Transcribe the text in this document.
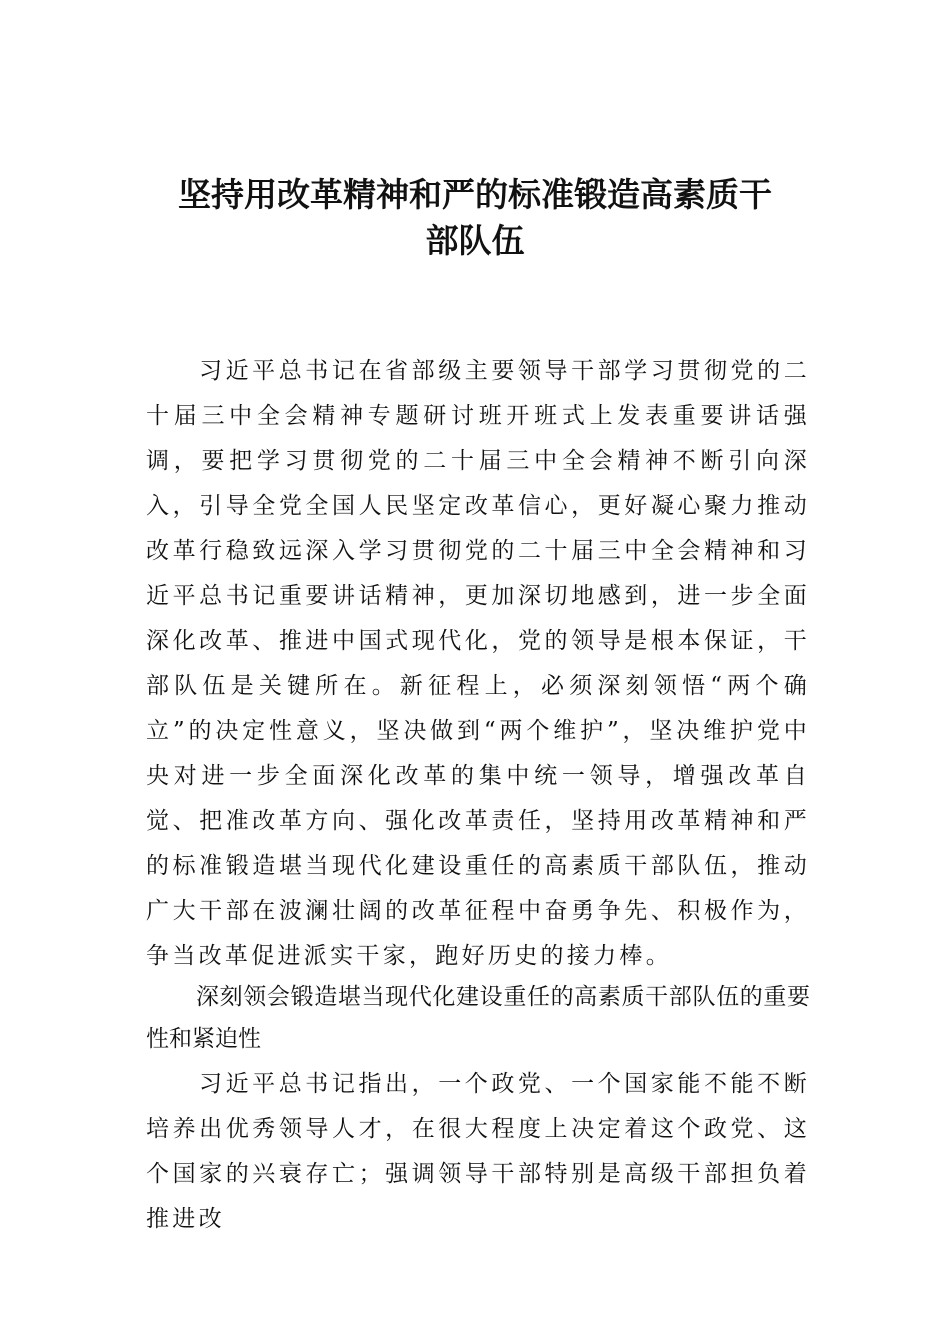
坚持用改革精神和严的标准锻造高素质干
部队伍

习近平总书记在省部级主要领导干部学习贯彻党的二十届三中全会精神专题研讨班开班式上发表重要讲话强调，要把学习贯彻党的二十届三中全会精神不断引向深入，引导全党全国人民坚定改革信心，更好凝心聚力推动改革行稳致远深入学习贯彻党的二十届三中全会精神和习近平总书记重要讲话精神，更加深切地感到，进一步全面深化改革、推进中国式现代化，党的领导是根本保证，干部队伍是关键所在。新征程上，必须深刻领悟“两个确立”的决定性意义，坚决做到“两个维护”，坚决维护党中央对进一步全面深化改革的集中统一领导，增强改革自觉、把准改革方向、强化改革责任，坚持用改革精神和严的标准锻造堪当现代化建设重任的高素质干部队伍，推动广大干部在波澜壮阔的改革征程中奋勇争先、积极作为，争当改革促进派实干家，跑好历史的接力棒。

深刻领会锻造堪当现代化建设重任的高素质干部队伍的重要性和紧迫性

习近平总书记指出，一个政党、一个国家能不能不断培养出优秀领导人才，在很大程度上决定着这个政党、这个国家的兴衰存亡；强调领导干部特别是高级干部担负着推进改
